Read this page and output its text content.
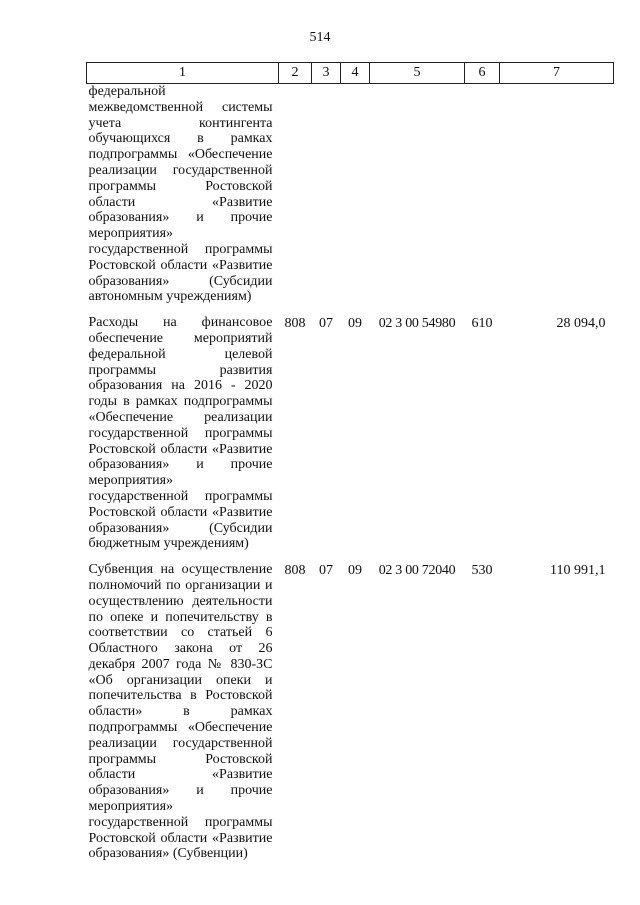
514
1	2	3	4	5	6	7
федеральной межведомственной системы учета контингента обучающихся в рамках подпрограммы «Обеспечение реализации государственной программы Ростовской области «Развитие образования» и прочие мероприятия» государственной программы Ростовской области «Развитие образования» (Субсидии автономным учреждениям)						

Расходы на финансовое обеспечение мероприятий федеральной целевой программы развития образования на 2016 - 2020 годы в рамках подпрограммы «Обеспечение реализации государственной программы Ростовской области «Развитие образования» и прочие мероприятия» государственной программы Ростовской области «Развитие образования» (Субсидии бюджетным учреждениям)	808	07	09	02 3 00 54980	610	28 094,0

Субвенция на осуществление полномочий по организации и осуществлению деятельности по опеке и попечительству в соответствии со статьей 6 Областного закона от 26 декабря 2007 года № 830-ЗС «Об организации опеки и попечительства в Ростовской области» в рамках подпрограммы «Обеспечение реализации государственной программы Ростовской области «Развитие образования» и прочие мероприятия» государственной программы Ростовской области «Развитие образования» (Субвенции)	808	07	09	02 3 00 72040	530	110 991,1
